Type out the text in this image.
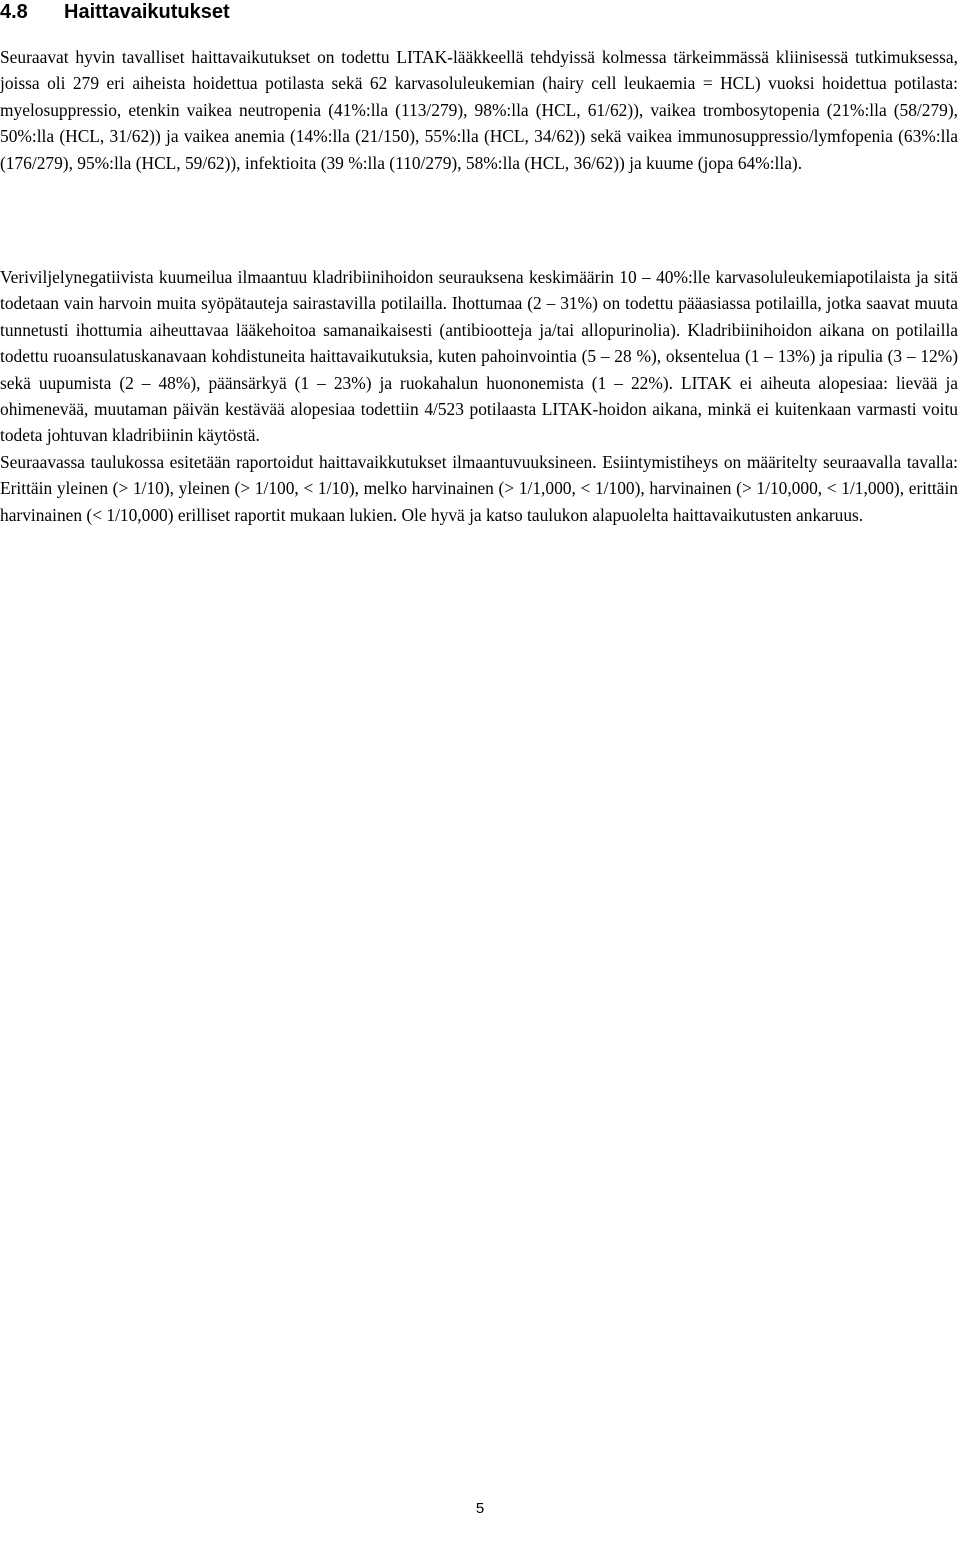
4.8 Haittavaikutukset

Seuraavat hyvin tavalliset haittavaikutukset on todettu LITAK-lääkkeellä tehdyissä kolmessa tärkeimmässä kliinisessä tutkimuksessa, joissa oli 279 eri aiheista hoidettua potilasta sekä 62 karvasoluleukemian (hairy cell leukaemia = HCL) vuoksi hoidettua potilasta: myelosuppressio, etenkin vaikea neutropenia (41%:lla (113/279), 98%:lla (HCL, 61/62)), vaikea trombosytopenia (21%:lla (58/279), 50%:lla (HCL, 31/62)) ja vaikea anemia (14%:lla (21/150), 55%:lla (HCL, 34/62)) sekä vaikea immunosuppressio/lymfopenia (63%:lla (176/279), 95%:lla (HCL, 59/62)), infektioita (39 %:lla (110/279), 58%:lla (HCL, 36/62)) ja kuume (jopa 64%:lla).

Veriviljelynegatiivista kuumeilua ilmaantuu kladribiinihoidon seurauksena keskimäärin 10 – 40%:lle karvasoluleukemiapotilaista ja sitä todetaan vain harvoin muita syöpätauteja sairastavilla potilailla. Ihottumaa (2 – 31%) on todettu pääasiassa potilailla, jotka saavat muuta tunnetusti ihottumia aiheuttavaa lääkehoitoa samanaikaisesti (antibiootteja ja/tai allopurinolia). Kladribiinihoidon aikana on potilailla todettu ruoansulatuskanavaan kohdistuneita haittavaikutuksia, kuten pahoinvointia (5 – 28 %), oksentelua (1 – 13%) ja ripulia (3 – 12%) sekä uupumista (2 – 48%), päänsärkyä (1 – 23%) ja ruokahalun huononemista (1 – 22%). LITAK ei aiheuta alopesiaa: lievää ja ohimenevää, muutaman päivän kestävää alopesiaa todettiin 4/523 potilaasta LITAK-hoidon aikana, minkä ei kuitenkaan varmasti voitu todeta johtuvan kladribiinin käytöstä.

Seuraavassa taulukossa esitetään raportoidut haittavaikkutukset ilmaantuvuuksineen. Esiintymistiheys on määritelty seuraavalla tavalla: Erittäin yleinen (> 1/10), yleinen (> 1/100, < 1/10), melko harvinainen (> 1/1,000, < 1/100), harvinainen (> 1/10,000, < 1/1,000), erittäin harvinainen (< 1/10,000) erilliset raportit mukaan lukien. Ole hyvä ja katso taulukon alapuolelta haittavaikutusten ankaruus.

5
